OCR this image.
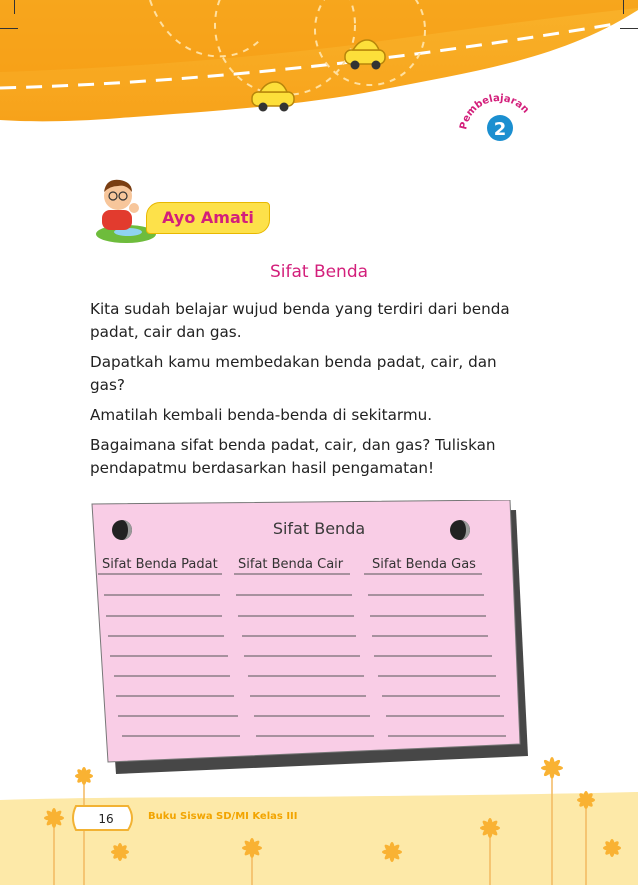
Pembelajaran
2
Ayo Amati
Sifat Benda

Kita sudah belajar wujud benda yang terdiri dari benda padat, cair dan gas.

Dapatkah kamu membedakan benda padat, cair, dan gas?

Amatilah kembali benda-benda di sekitarmu.

Bagaimana sifat benda padat, cair, dan gas? Tuliskan pendapatmu berdasarkan hasil pengamatan!

Sifat Benda
Sifat Benda Padat Sifat Benda Cair Sifat Benda Gas
16	Buku Siswa SD/MI Kelas III
